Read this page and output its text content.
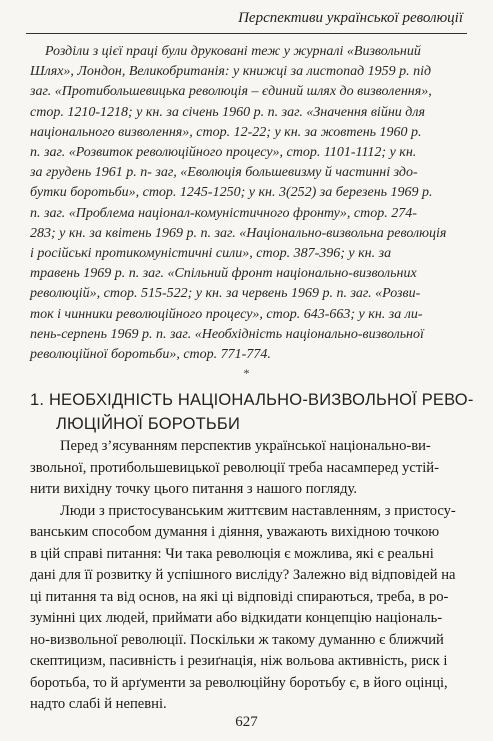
Перспективи української революції
Розділи з цієї праці були друковані теж у журналі «Визвольний
Шлях», Лондон, Великобританія: у книжці за листопад 1959 р. під
заг. «Протибольшевицька революція – єдиний шлях до визволення»,
стор. 1210-1218; у кн. за січень 1960 р. п. заг. «Значення війни для
національного визволення», стор. 12-22; у кн. за жовтень 1960 р.
п. заг. «Розвиток революційного процесу», стор. 1101-1112; у кн.
за грудень 1961 р. п- заг, «Еволюція большевизму й частинні здо-
бутки боротьби», стор. 1245-1250; у кн. 3(252) за березень 1969 р.
п. заг. «Проблема націонал-комуністичного фронту», стор. 274-
283; у кн. за квітень 1969 р. п. заг. «Національно-визвольна революція
і російські протикомуністичні сили», стор. 387-396; у кн. за
травень 1969 р. п. заг. «Спільний фронт національно-визвольних
революцій», стор. 515-522; у кн. за червень 1969 р. п. заг. «Розви-
ток і чинники революційного процесу», стор. 643-663; у кн. за ли-
пень-серпень 1969 р. п. заг. «Необхідність національно-визвольної
революційної боротьби», стор. 771-774.
*
1. НЕОБХІДНІСТЬ НАЦІОНАЛЬНО-ВИЗВОЛЬНОЇ РЕВО-
ЛЮЦІЙНОЇ БОРОТЬБИ
Перед з’ясуванням перспектив української національно-ви-
звольної, протибольшевицької революції треба насамперед устій-
нити вихідну точку цього питання з нашого погляду.
Люди з пристосуванським життєвим наставленням, з пристосу-
ванським способом думання і діяння, уважають вихідною точкою
в цій справі питання: Чи така революція є можлива, які є реальні
дані для її розвитку й успішного вислідy? Залежно від відповідей на
ці питання та від основ, на які ці відповіді спираються, треба, в ро-
зумінні цих людей, приймати або відкидати концепцію національ-
но-визвольної революції. Поскільки ж такому думанню є ближчий
скептицизм, пасивність і резиґнація, ніж вольова активність, риск і
боротьба, то й арґументи за революційну боротьбу є, в його оцінці,
надто слабі й непевні.
627
